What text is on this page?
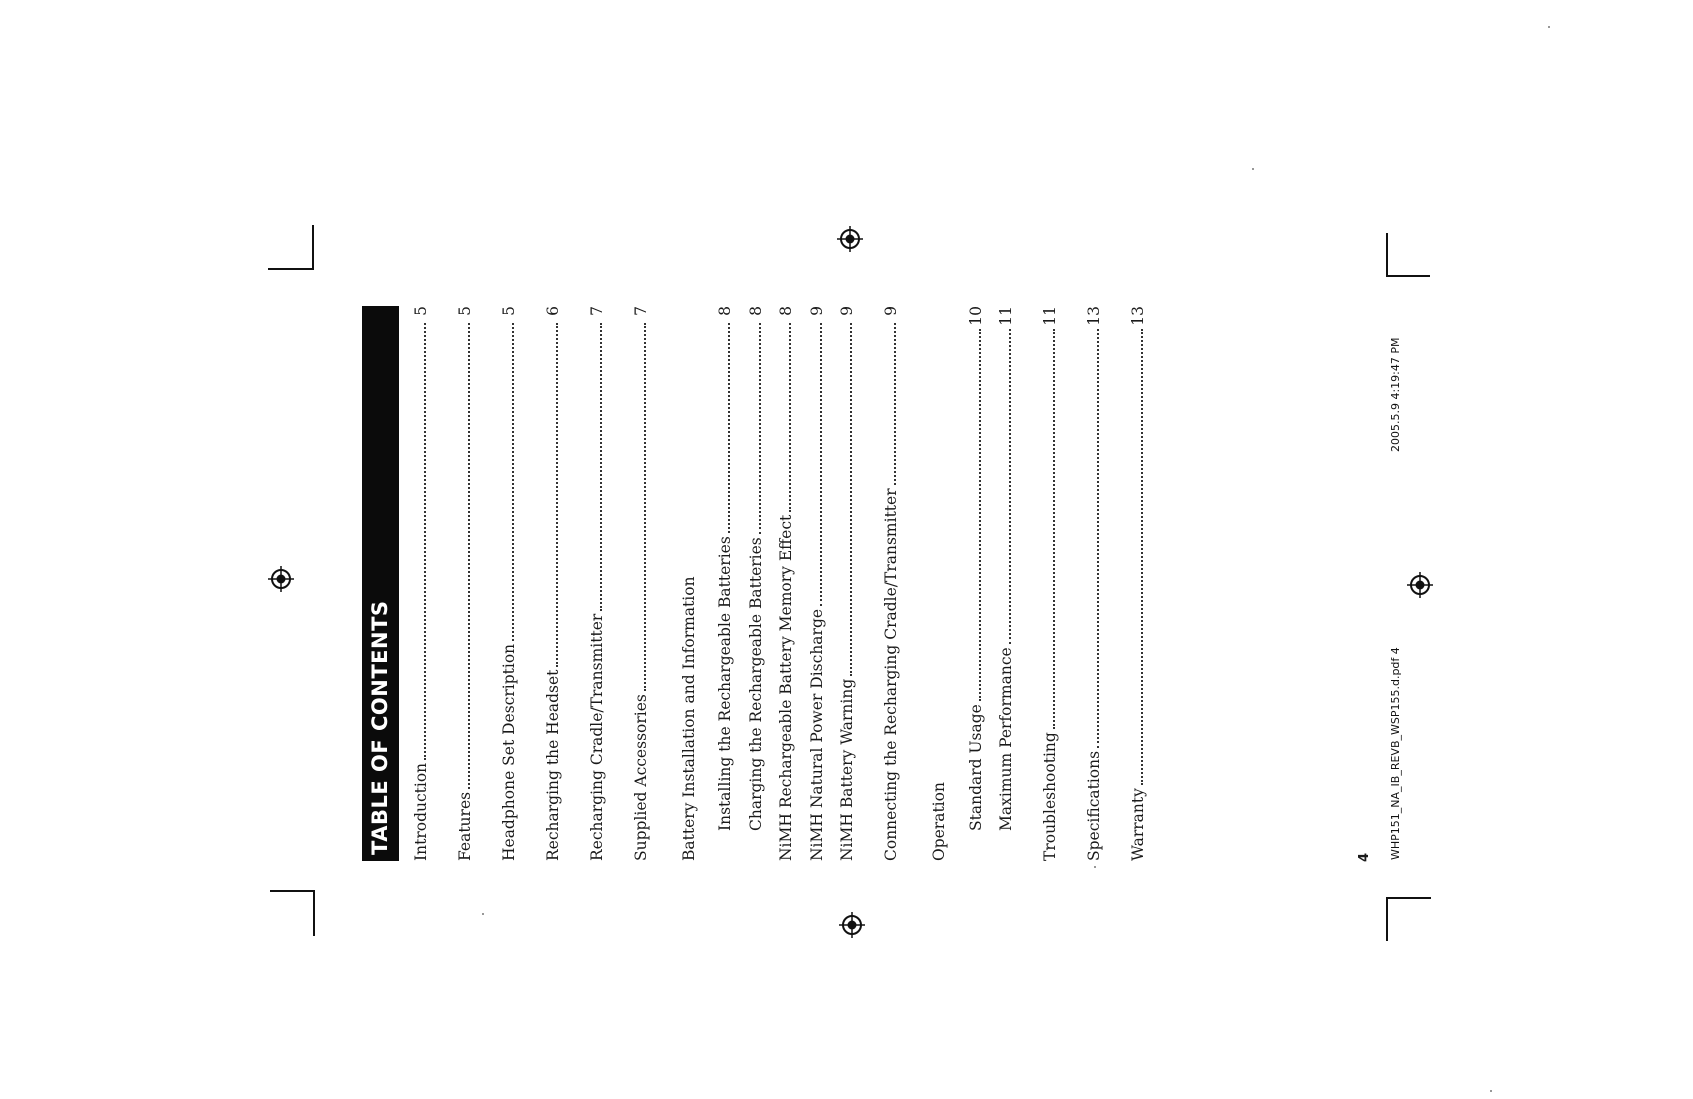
TABLE OF CONTENTS	Introduction
5
Features
5
Headphone Set Description
5
Recharging the Headset
6
Recharging Cradle/Transmitter
7
Supplied Accessories
7
Battery Installation and Information Installing the Rechargeable Batteries
8
Charging the Rechargeable Batteries
8
NiMH Rechargeable Battery Memory Effect
8
NiMH Natural Power Discharge
9
NiMH Battery Warning
9
Connecting the Recharging Cradle/Transmitter
9
Operation Standard Usage
10
Maximum Performance
11
Troubleshooting
11
Specifications
13
Warranty
13
4 WHP151_NA_IB_REVB_WSP155.d.pdf 4
2005.5.9 4:19:47 PM
